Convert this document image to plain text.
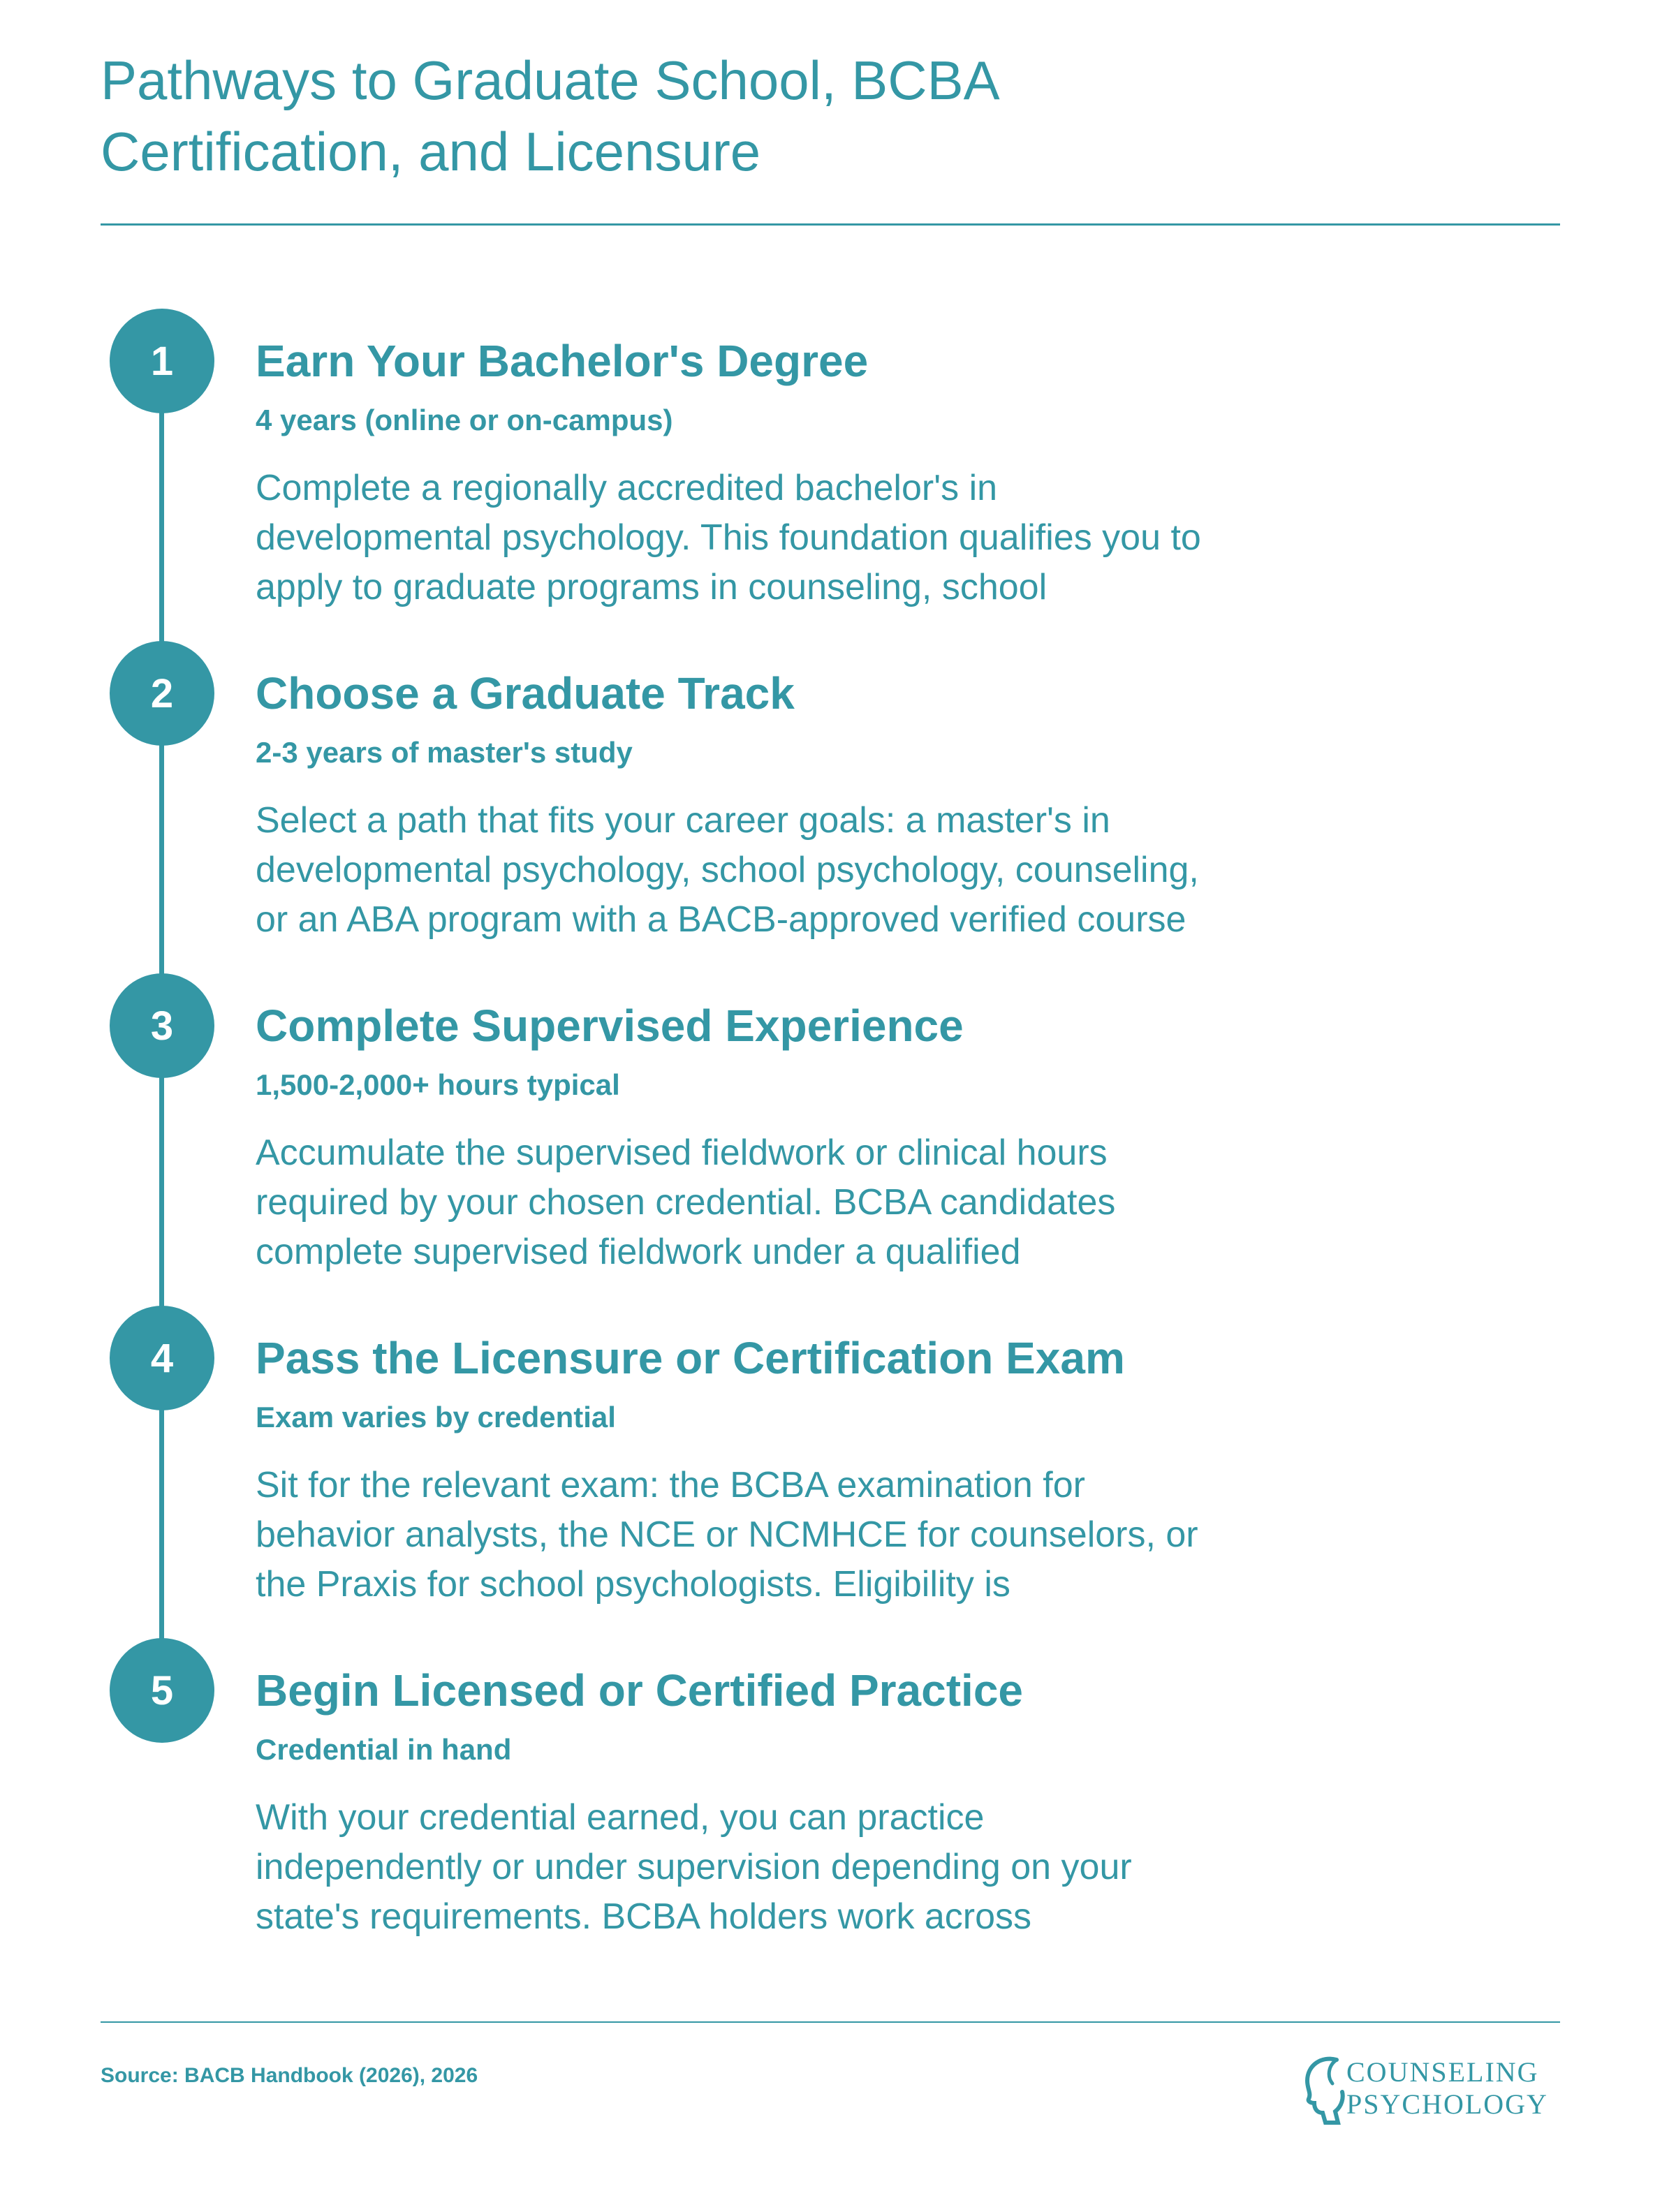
Pathways to Graduate School, BCBA
Certification, and Licensure
1	Earn Your Bachelor's Degree
4 years (online or on-campus)
Complete a regionally accredited bachelor's in
developmental psychology. This foundation qualifies you to
apply to graduate programs in counseling, school
2	Choose a Graduate Track
2-3 years of master's study
Select a path that fits your career goals: a master's in
developmental psychology, school psychology, counseling,
or an ABA program with a BACB-approved verified course
3	Complete Supervised Experience
1,500-2,000+ hours typical
Accumulate the supervised fieldwork or clinical hours
required by your chosen credential. BCBA candidates
complete supervised fieldwork under a qualified
4	Pass the Licensure or Certification Exam
Exam varies by credential
Sit for the relevant exam: the BCBA examination for
behavior analysts, the NCE or NCMHCE for counselors, or
the Praxis for school psychologists. Eligibility is
5	Begin Licensed or Certified Practice
Credential in hand
With your credential earned, you can practice
independently or under supervision depending on your
state's requirements. BCBA holders work across
Source: BACB Handbook (2026), 2026	COUNSELING
PSYCHOLOGY
